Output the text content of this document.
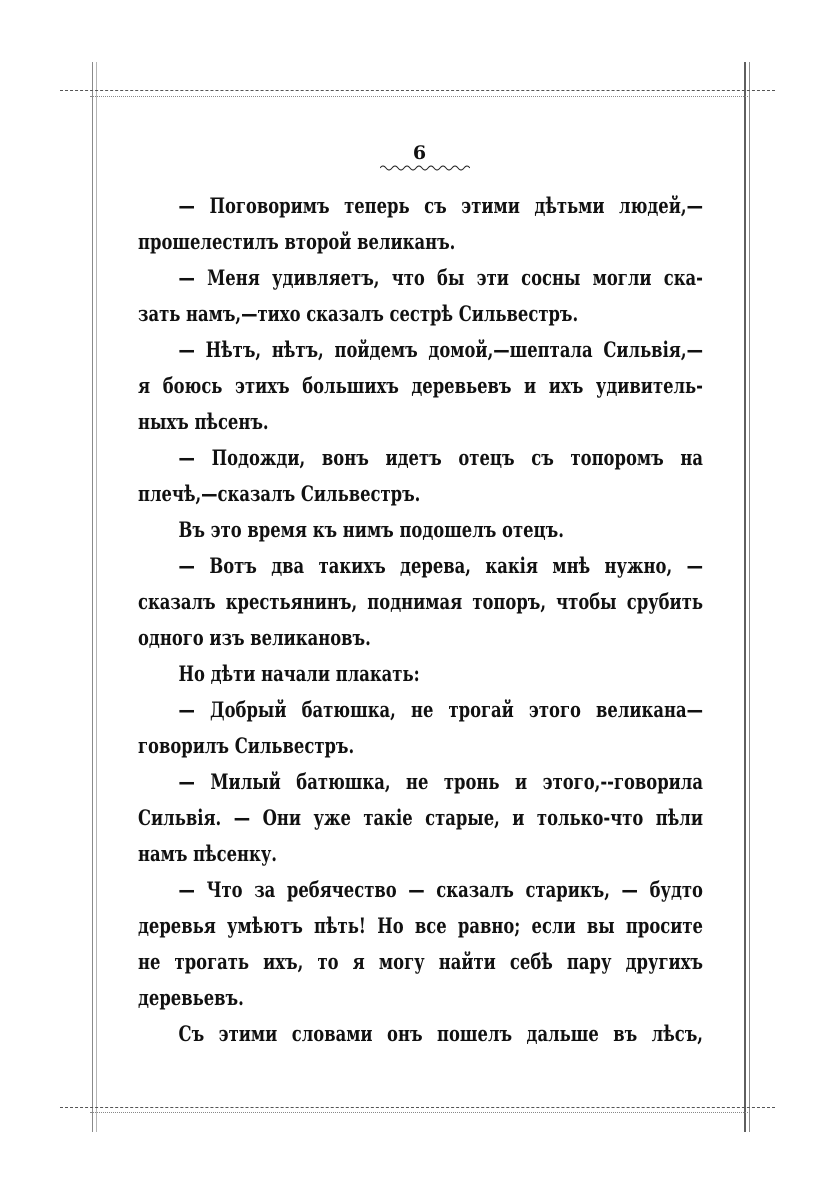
6
— Поговоримъ теперь съ этими дѣтьми людей,—
прошелестилъ второй великанъ.
— Меня удивляетъ, что бы эти сосны могли ска-
зать намъ,—тихо сказалъ сестрѣ Сильвестръ.
— Нѣтъ, нѣтъ, пойдемъ домой,—шептала Сильвія,—
я боюсь этихъ большихъ деревьевъ и ихъ удивитель-
ныхъ пѣсенъ.
— Подожди, вонъ идетъ отецъ съ топоромъ на
плечѣ,—сказалъ Сильвестръ.
Въ это время къ нимъ подошелъ отецъ.
— Вотъ два такихъ дерева, какія мнѣ нужно, —
сказалъ крестьянинъ, поднимая топоръ, чтобы срубить
одного изъ великановъ.
Но дѣти начали плакать:
— Добрый батюшка, не трогай этого великана—
говорилъ Сильвестръ.
— Милый батюшка, не тронь и этого,--говорила
Сильвія. — Они уже такіе старые, и только-что пѣли
намъ пѣсенку.
— Что за ребячество — сказалъ старикъ, — будто
деревья умѣютъ пѣть! Но все равно; если вы просите
не трогать ихъ, то я могу найти себѣ пару другихъ
деревьевъ.
Съ этими словами онъ пошелъ дальше въ лѣсъ,
